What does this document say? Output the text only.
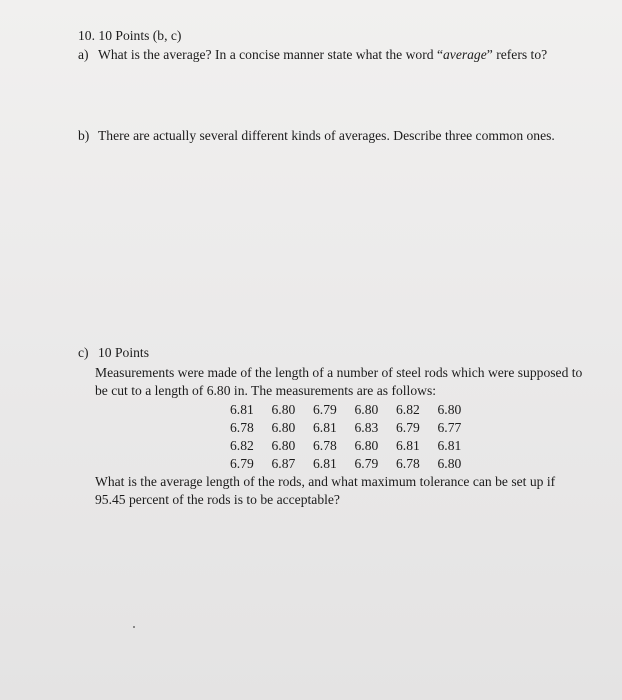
10. 10 Points (b, c)
a) What is the average? In a concise manner state what the word “average” refers to?
b) There are actually several different kinds of averages. Describe three common ones.
c) 10 Points
Measurements were made of the length of a number of steel rods which were supposed to
be cut to a length of 6.80 in. The measurements are as follows:
6.81 6.80 6.79 6.80 6.82 6.80
6.78 6.80 6.81 6.83 6.79 6.77
6.82 6.80 6.78 6.80 6.81 6.81
6.79 6.87 6.81 6.79 6.78 6.80
What is the average length of the rods, and what maximum tolerance can be set up if
95.45 percent of the rods is to be acceptable?
